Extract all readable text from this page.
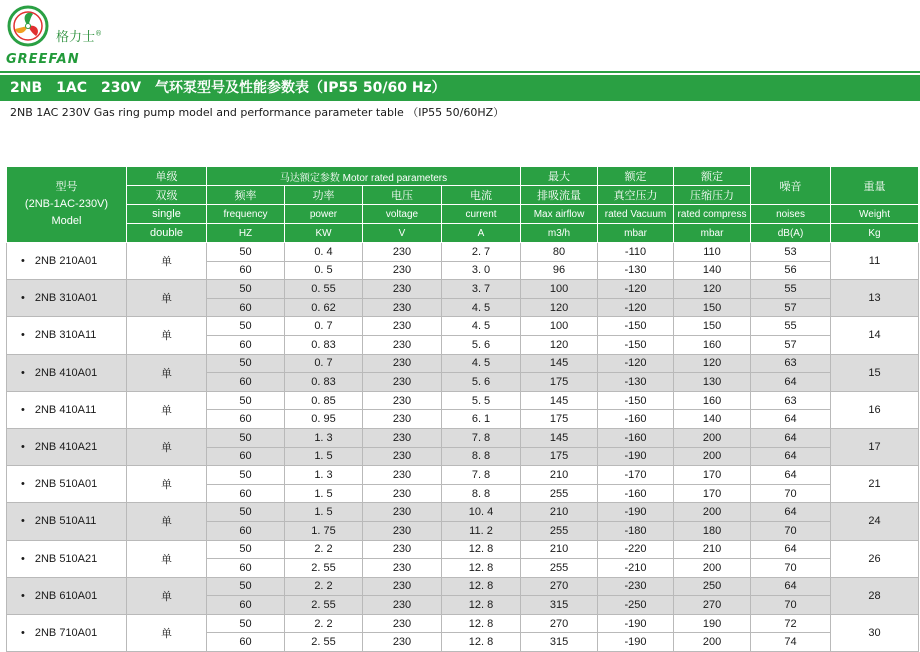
格力士®
GREEFAN
2NB　1AC　230V　气环泵型号及性能参数表（IP55 50/60 Hz）
2NB 1AC 230V Gas ring pump model and performance parameter table （IP55 50/60HZ）
型号
(2NB-1AC-230V)
Model	单级	马达额定参数 Motor rated parameters				最大	额定	额定	噪音	重量
	双级	频率	功率	电压	电流	排吸流量	真空压力	压缩压力		
	single	frequency	power	voltage	current	Max airflow	rated Vacuum	rated compress	noises	Weight
	double	HZ	KW	V	A	m3/h	mbar	mbar	dB(A)	Kg
• 2NB 210A01	单	50	0. 4	230	2. 7	80	-110	110	53	11
		60	0. 5	230	3. 0	96	-130	140	56	
• 2NB 310A01	单	50	0. 55	230	3. 7	100	-120	120	55	13
		60	0. 62	230	4. 5	120	-120	150	57	
• 2NB 310A11	单	50	0. 7	230	4. 5	100	-150	150	55	14
		60	0. 83	230	5. 6	120	-150	160	57	
• 2NB 410A01	单	50	0. 7	230	4. 5	145	-120	120	63	15
		60	0. 83	230	5. 6	175	-130	130	64	
• 2NB 410A11	单	50	0. 85	230	5. 5	145	-150	160	63	16
		60	0. 95	230	6. 1	175	-160	140	64	
• 2NB 410A21	单	50	1. 3	230	7. 8	145	-160	200	64	17
		60	1. 5	230	8. 8	175	-190	200	64	
• 2NB 510A01	单	50	1. 3	230	7. 8	210	-170	170	64	21
		60	1. 5	230	8. 8	255	-160	170	70	
• 2NB 510A11	单	50	1. 5	230	10. 4	210	-190	200	64	24
		60	1. 75	230	11. 2	255	-180	180	70	
• 2NB 510A21	单	50	2. 2	230	12. 8	210	-220	210	64	26
		60	2. 55	230	12. 8	255	-210	200	70	
• 2NB 610A01	单	50	2. 2	230	12. 8	270	-230	250	64	28
		60	2. 55	230	12. 8	315	-250	270	70	
• 2NB 710A01	单	50	2. 2	230	12. 8	270	-190	190	72	30
		60	2. 55	230	12. 8	315	-190	200	74	
